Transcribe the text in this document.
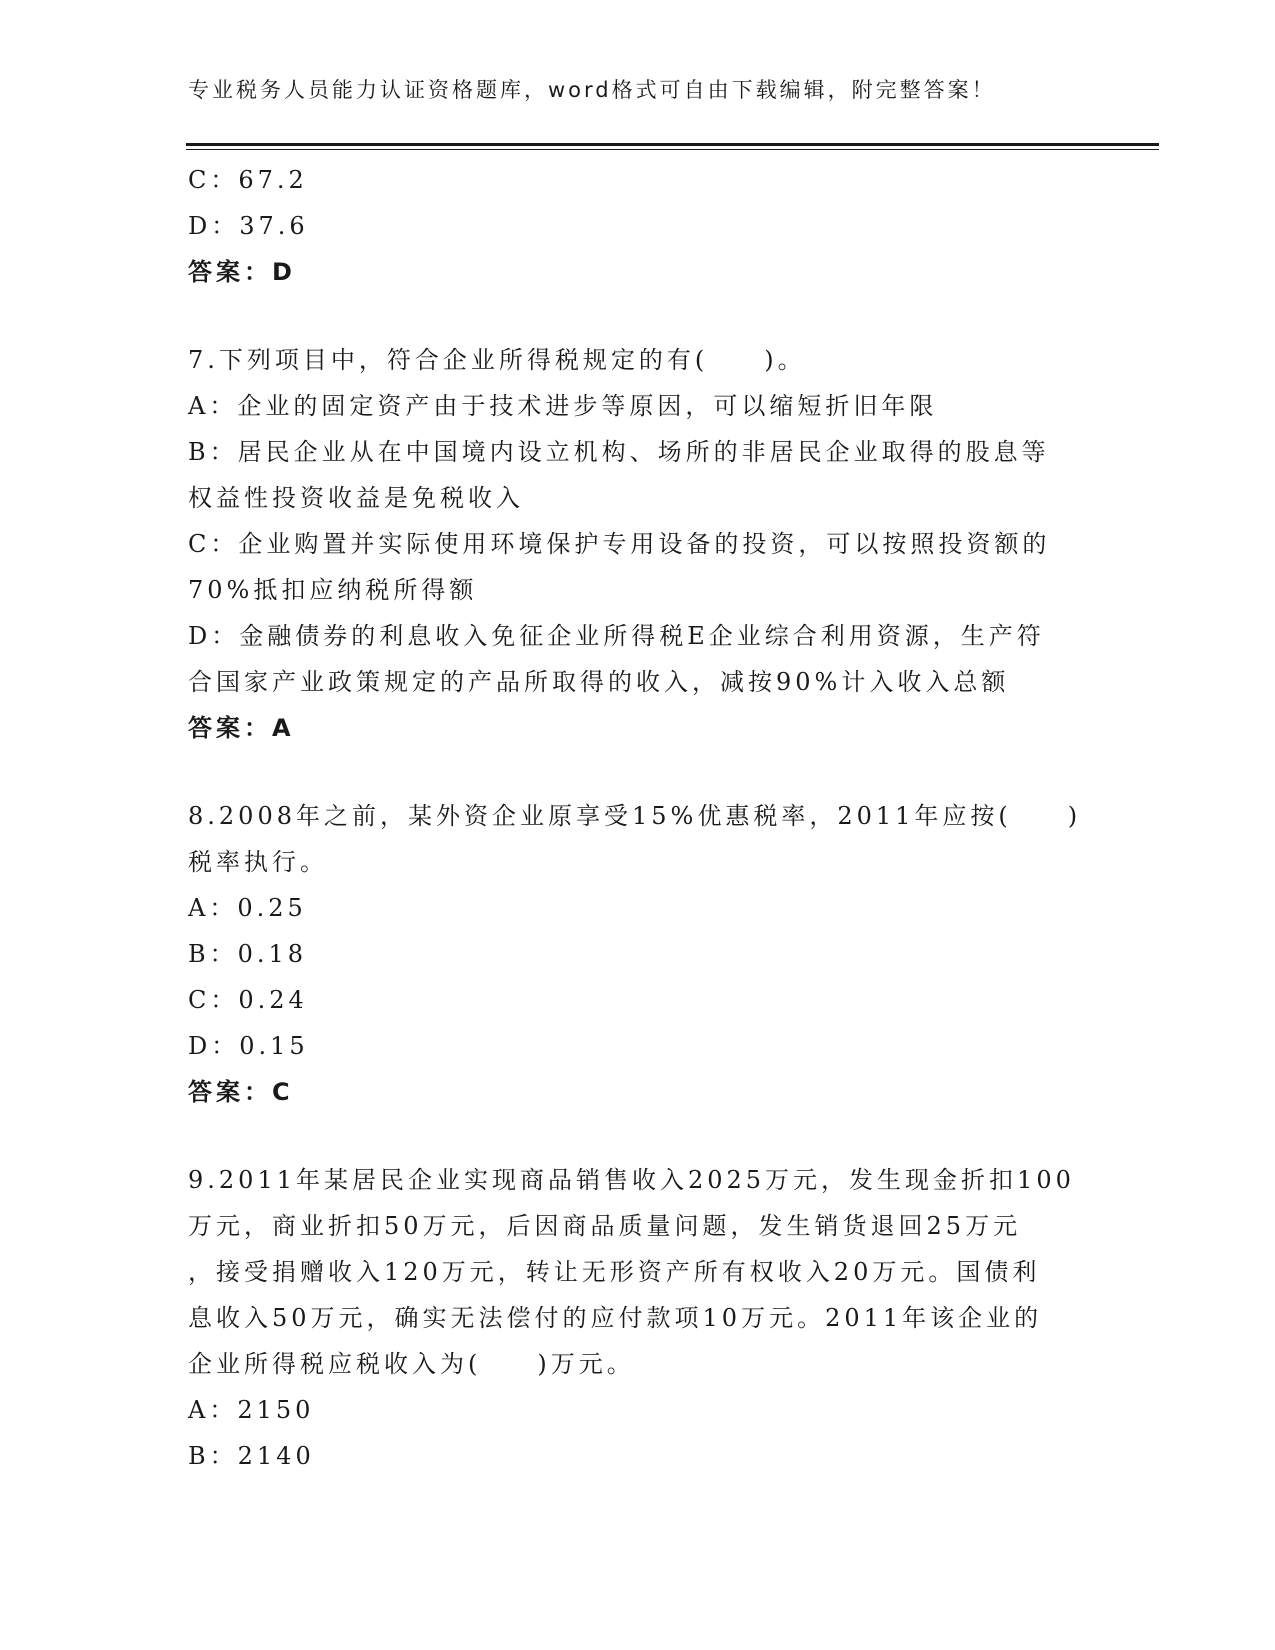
专业税务人员能力认证资格题库，word格式可自由下载编辑，附完整答案！
C：67.2
D：37.6
答案：D
7.下列项目中，符合企业所得税规定的有(　　)。
A：企业的固定资产由于技术进步等原因，可以缩短折旧年限
B：居民企业从在中国境内设立机构、场所的非居民企业取得的股息等
权益性投资收益是免税收入
C：企业购置并实际使用环境保护专用设备的投资，可以按照投资额的
70%抵扣应纳税所得额
D：金融债券的利息收入免征企业所得税E企业综合利用资源，生产符
合国家产业政策规定的产品所取得的收入，减按90%计入收入总额
答案：A
8.2008年之前，某外资企业原享受15%优惠税率，2011年应按(　　)
税率执行。
A：0.25
B：0.18
C：0.24
D：0.15
答案：C
9.2011年某居民企业实现商品销售收入2025万元，发生现金折扣100
万元，商业折扣50万元，后因商品质量问题，发生销货退回25万元
，接受捐赠收入120万元，转让无形资产所有权收入20万元。国债利
息收入50万元，确实无法偿付的应付款项10万元。2011年该企业的
企业所得税应税收入为(　　)万元。
A：2150
B：2140
